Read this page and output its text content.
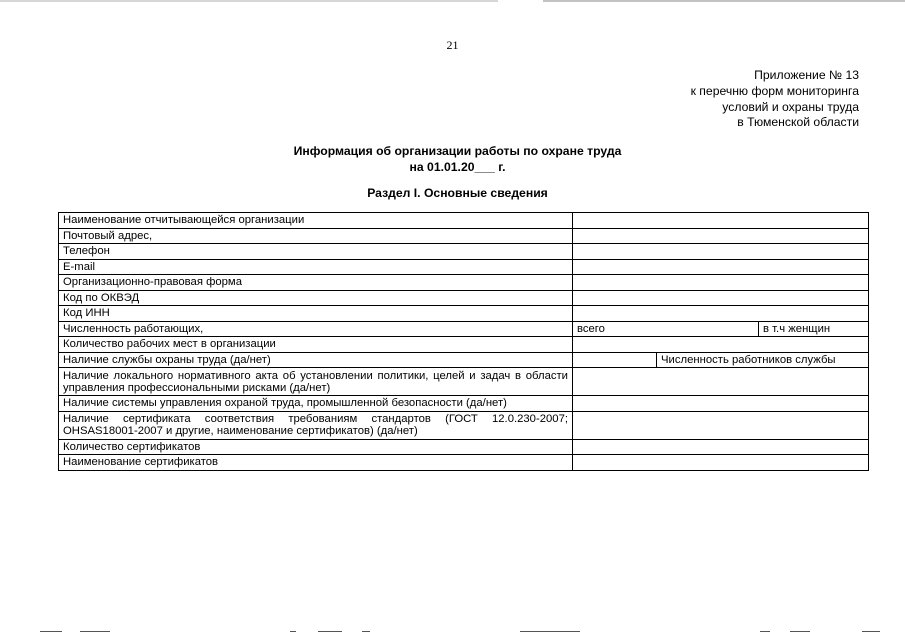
21
Приложение № 13
к перечню форм мониторинга
условий и охраны труда
в Тюменской области
Информация об организации работы по охране труда
на 01.01.20___ г.
Раздел I. Основные сведения
Наименование отчитывающейся организации			
Почтовый адрес,			
Телефон			
E-mail			
Организационно-правовая форма			
Код по ОКВЭД			
Код ИНН			
Численность работающих,	всего		в т.ч женщин
Количество рабочих мест в организации			
Наличие службы охраны труда (да/нет)		Численность работников службы	
Наличие локального нормативного акта об установлении политики, целей и задач в области управления профессиональными рисками (да/нет)			
Наличие системы управления охраной труда, промышленной безопасности (да/нет)			
Наличие сертификата соответствия требованиям стандартов (ГОСТ 12.0.230-2007; OHSAS18001-2007 и другие, наименование сертификатов) (да/нет)			
Количество сертификатов			
Наименование сертификатов			
